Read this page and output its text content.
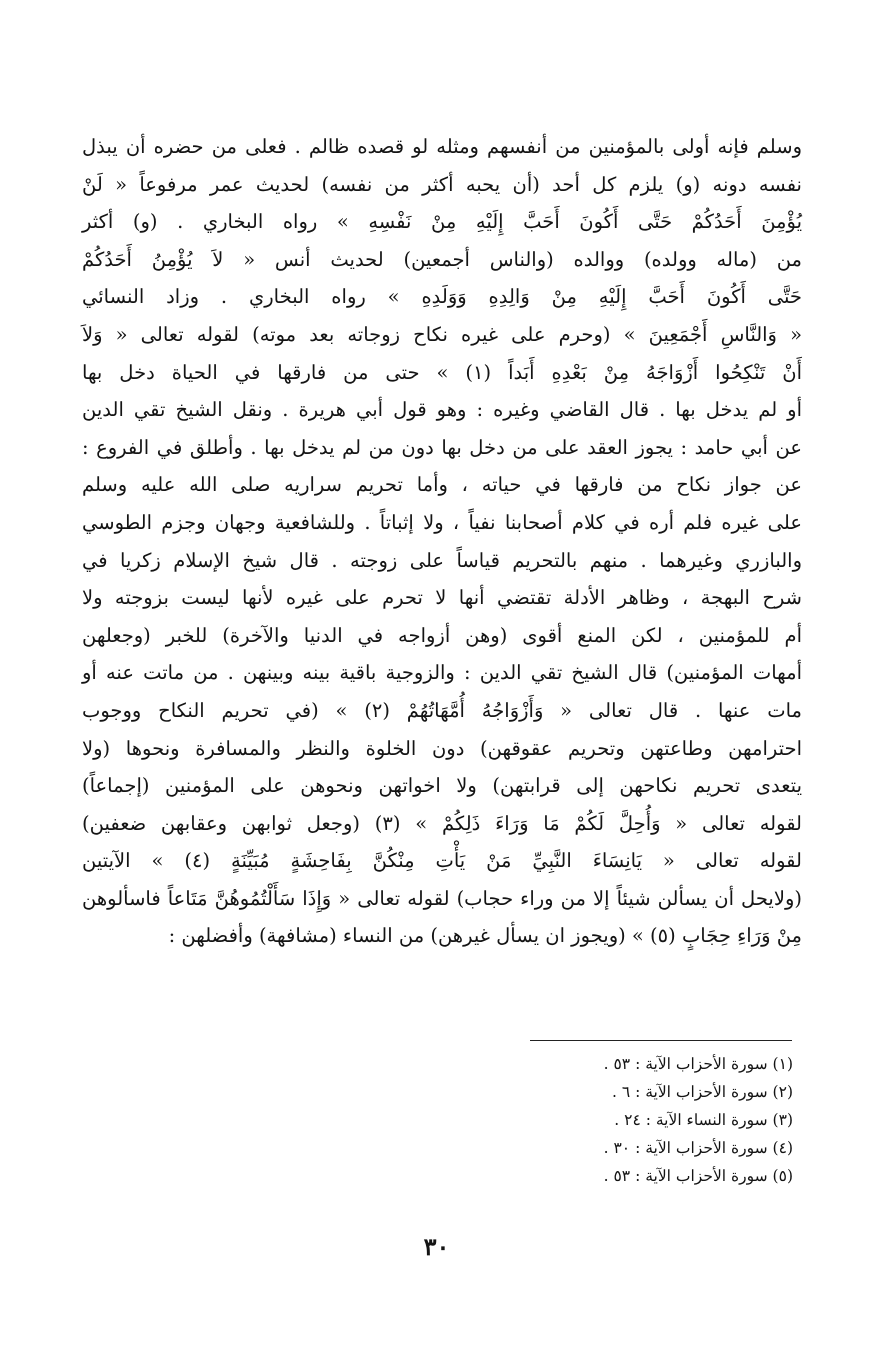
وسلم فإنه أولى بالمؤمنين من أنفسهم ومثله لو قصده ظالم . فعلى من حضره أن يبذل
نفسه دونه (و) يلزم كل أحد (أن يحبه أكثر من نفسه) لحديث عمر مرفوعاً « لَنْ
يُؤْمِنَ أَحَدُكُمْ حَتَّى أَكُونَ أَحَبَّ إِلَيْهِ مِنْ نَفْسِهِ » رواه البخاري . (و) أكثر
من (ماله وولده) ووالده (والناس أجمعين) لحديث أنس « لاَ يُؤْمِنُ أَحَدُكُمْ
حَتَّى أَكُونَ أَحَبَّ إِلَيْهِ مِنْ وَالِدِهِ وَوَلَدِهِ » رواه البخاري . وزاد النسائي
« وَالنَّاسِ أَجْمَعِينَ » (وحرم على غيره نكاح زوجاته بعد موته) لقوله تعالى « وَلاَ
أَنْ تَنْكِحُوا أَزْوَاجَهُ مِنْ بَعْدِهِ أَبَداً (١) » حتى من فارقها في الحياة دخل بها
أو لم يدخل بها . قال القاضي وغيره : وهو قول أبي هريرة . ونقل الشيخ تقي الدين
عن أبي حامد : يجوز العقد على من دخل بها دون من لم يدخل بها . وأطلق في الفروع :
عن جواز نكاح من فارقها في حياته ، وأما تحريم سراريه صلى الله عليه وسلم
على غيره فلم أره في كلام أصحابنا نفياً ، ولا إثباتاً . وللشافعية وجهان وجزم الطوسي
والبازري وغيرهما . منهم بالتحريم قياساً على زوجته . قال شيخ الإسلام زكريا في
شرح البهجة ، وظاهر الأدلة تقتضي أنها لا تحرم على غيره لأنها ليست بزوجته ولا
أم للمؤمنين ، لكن المنع أقوى (وهن أزواجه في الدنيا والآخرة) للخبر (وجعلهن
أمهات المؤمنين) قال الشيخ تقي الدين : والزوجية باقية بينه وبينهن . من ماتت عنه أو
مات عنها . قال تعالى « وَأَزْوَاجُهُ أُمَّهَاتُهُمْ (٢) » (في تحريم النكاح ووجوب
احترامهن وطاعتهن وتحريم عقوقهن) دون الخلوة والنظر والمسافرة ونحوها (ولا
يتعدى تحريم نكاحهن إلى قرابتهن) ولا اخواتهن ونحوهن على المؤمنين (إجماعاً)
لقوله تعالى « وَأُحِلَّ لَكُمْ مَا وَرَاءَ ذَلِكُمْ » (٣) (وجعل ثوابهن وعقابهن ضعفين)
لقوله تعالى « يَانِسَاءَ النَّبِيِّ مَنْ يَأْتِ مِنْكُنَّ بِفَاحِشَةٍ مُبَيِّنَةٍ (٤) » الآيتين
(ولايحل أن يسألن شيئاً إلا من وراء حجاب) لقوله تعالى « وَإِذَا سَأَلْتُمُوهُنَّ مَتَاعاً فاسألوهن
مِنْ وَرَاءِ حِجَابٍ (٥) » (ويجوز ان يسأل غيرهن) من النساء (مشافهة) وأفضلهن :
(١) سورة الأحزاب الآية : ٥٣ .
(٢) سورة الأحزاب الآية : ٦ .
(٣) سورة النساء الآية : ٢٤ .
(٤) سورة الأحزاب الآية : ٣٠ .
(٥) سورة الأحزاب الآية : ٥٣ .
٣٠
